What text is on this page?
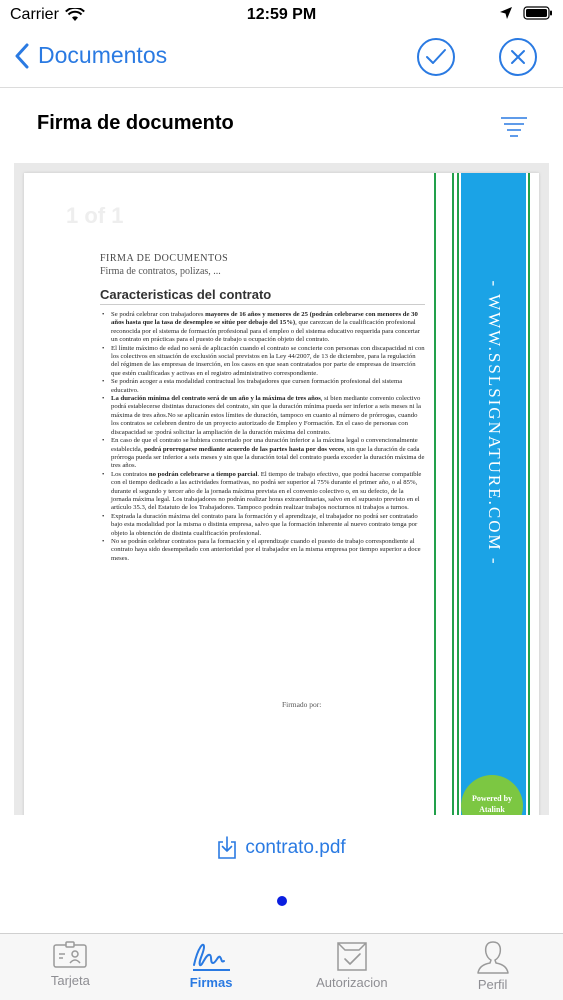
Carrier	12:59 PM
Documentos
Firma de documento
1 of 1
FIRMA DE DOCUMENTOS
Firma de contratos, polizas, ...
Caracteristicas del contrato
• Se podrá celebrar con trabajadores mayores de 16 años y menores de 25 (podrán celebrarse con menores de 30 años hasta que la tasa de desempleo se sitúe por debajo del 15%), que carezcan de la cualificación profesional reconocida por el sistema de formación profesional para el empleo o del sistema educativo requerida para concertar un contrato en prácticas para el puesto de trabajo u ocupación objeto del contrato.
• El límite máximo de edad no será de aplicación cuando el contrato se concierte con personas con discapacidad ni con los colectivos en situación de exclusión social previstos en la Ley 44/2007, de 13 de diciembre, para la regulación del régimen de las empresas de inserción, en los casos en que sean contratados por parte de empresas de inserción que estén cualificadas y activas en el registro administrativo correspondiente.
• Se podrán acoger a esta modalidad contractual los trabajadores que cursen formación profesional del sistema educativo.
• La duración mínima del contrato será de un año y la máxima de tres años, si bien mediante convenio colectivo podrá establecerse distintas duraciones del contrato, sin que la duración mínima pueda ser inferior a seis meses ni la máxima de tres años.No se aplicarán estos límites de duración, tampoco en cuanto al número de prórrogas, cuando los contratos se celebren dentro de un proyecto autorizado de Empleo y Formación. En el caso de personas con discapacidad se :podrá solicitar la ampliación de la duración máxima del contrato.
• En caso de que el contrato se hubiera concertado por una duración inferior a la máxima legal o convencionalmente establecida, podrá prorrogarse mediante acuerdo de las partes hasta por dos veces, sin que la duración de cada prórroga pueda ser inferior a seis meses y sin que la duración total del contrato pueda exceder la duración máxima de tres años.
• Los contratos no podrán celebrarse a tiempo parcial. El tiempo de trabajo efectivo, que podrá hacerse compatible con el tiempo dedicado a las actividades formativas, no podrá ser superior al 75% durante el primer año, o al 85%, durante el segundo y tercer año de la jornada máxima prevista en el convenio colectivo o, en su defecto, de la jornada máxima legal. Los trabajadores no podrán realizar horas extraordinarias, salvo en el supuesto previsto en el artículo 35.3, del Estatuto de los Trabajadores. Tampoco podrán realizar trabajos nocturnos ni trabajos a turnos.
• Expirada la duración máxima del contrato para la formación y el aprendizaje, el trabajador no podrá ser contratado bajo esta modalidad por la misma o distinta empresa, salvo que la formación inherente al nuevo contrato tenga por objeto la obtención de distinta cualificación profesional.
• No se podrán celebrar contratos para la formación y el aprendizaje cuando el puesto de trabajo correspondiente al contrato haya sido desempeñado con anterioridad por el trabajador en la misma empresa por tiempo superior a doce meses.
Firmado por:
- WWW.SSLSIGNATURE.COM -
Powered by Atalink
contrato.pdf
Tarjeta	Firmas	Autorizacion	Perfil
